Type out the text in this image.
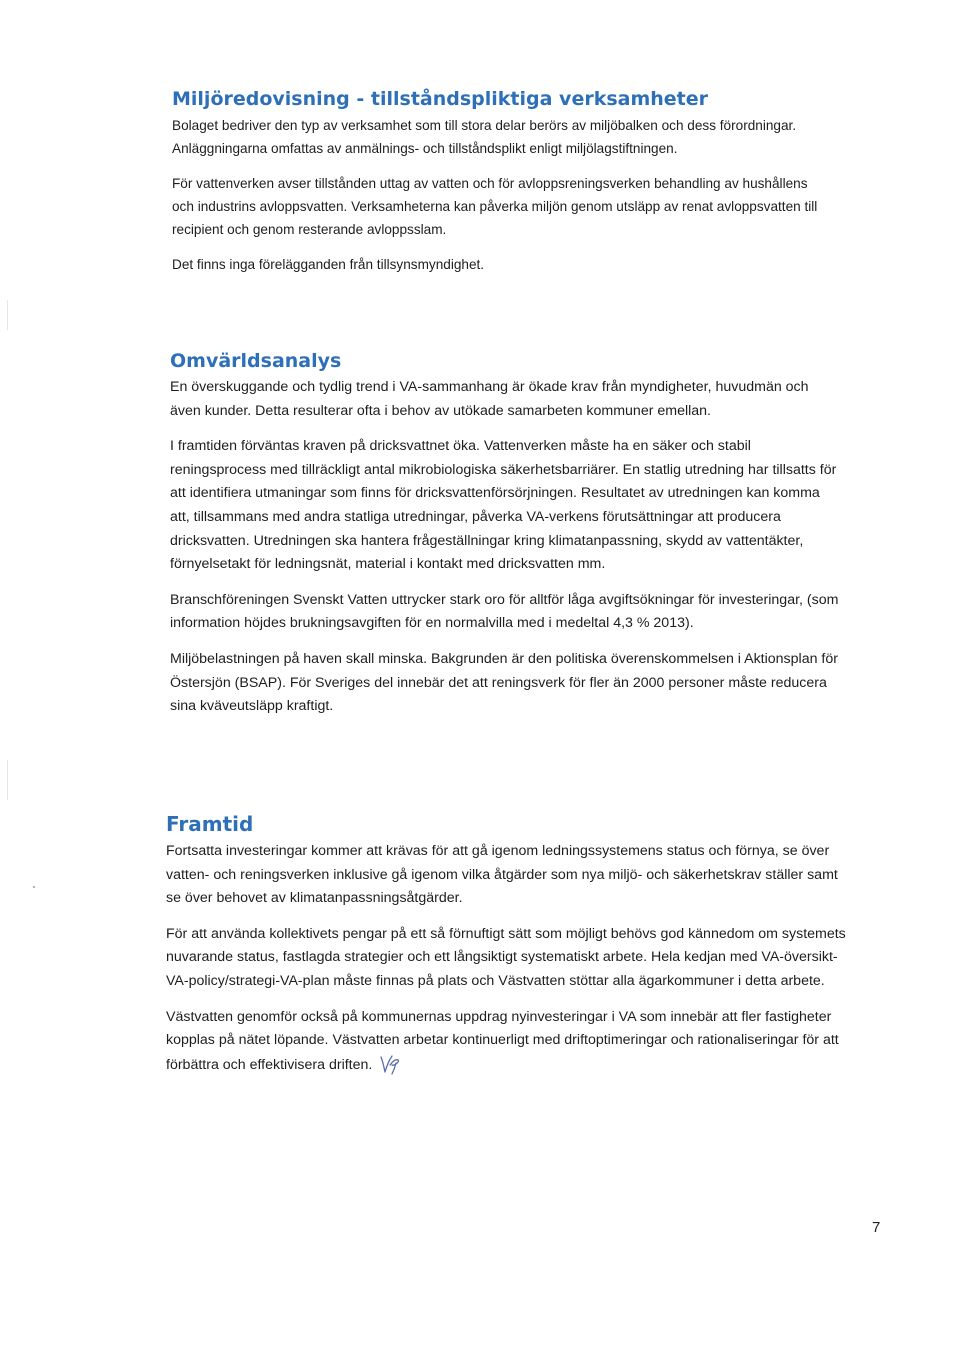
Miljöredovisning - tillståndspliktiga verksamheter

Bolaget bedriver den typ av verksamhet som till stora delar berörs av miljöbalken och dess förordningar. Anläggningarna omfattas av anmälnings- och tillståndsplikt enligt miljölagstiftningen.

För vattenverken avser tillstånden uttag av vatten och för avloppsreningsverken behandling av hushållens och industrins avloppsvatten. Verksamheterna kan påverka miljön genom utsläpp av renat avloppsvatten till recipient och genom resterande avloppsslam.

Det finns inga förelägganden från tillsynsmyndighet.

Omvärldsanalys

En överskuggande och tydlig trend i VA-sammanhang är ökade krav från myndigheter, huvudmän och även kunder. Detta resulterar ofta i behov av utökade samarbeten kommuner emellan.

I framtiden förväntas kraven på dricksvattnet öka. Vattenverken måste ha en säker och stabil reningsprocess med tillräckligt antal mikrobiologiska säkerhetsbarriärer. En statlig utredning har tillsatts för att identifiera utmaningar som finns för dricksvattenförsörjningen. Resultatet av utredningen kan komma att, tillsammans med andra statliga utredningar, påverka VA-verkens förutsättningar att producera dricksvatten. Utredningen ska hantera frågeställningar kring klimatanpassning, skydd av vattentäkter, förnyelsetakt för ledningsnät, material i kontakt med dricksvatten mm.

Branschföreningen Svenskt Vatten uttrycker stark oro för alltför låga avgiftsökningar för investeringar, (som information höjdes brukningsavgiften för en normalvilla med i medeltal 4,3 % 2013).

Miljöbelastningen på haven skall minska. Bakgrunden är den politiska överenskommelsen i Aktionsplan för Östersjön (BSAP). För Sveriges del innebär det att reningsverk för fler än 2000 personer måste reducera sina kväveutsläpp kraftigt.

Framtid

Fortsatta investeringar kommer att krävas för att gå igenom ledningssystemens status och förnya, se över vatten- och reningsverken inklusive gå igenom vilka åtgärder som nya miljö- och säkerhetskrav ställer samt se över behovet av klimatanpassningsåtgärder.

För att använda kollektivets pengar på ett så förnuftigt sätt som möjligt behövs god kännedom om systemets nuvarande status, fastlagda strategier och ett långsiktigt systematiskt arbete. Hela kedjan med VA-översikt-VA-policy/strategi-VA-plan måste finnas på plats och Västvatten stöttar alla ägarkommuner i detta arbete.

Västvatten genomför också på kommunernas uppdrag nyinvesteringar i VA som innebär att fler fastigheter kopplas på nätet löpande. Västvatten arbetar kontinuerligt med driftoptimeringar och rationaliseringar för att förbättra och effektivisera driften.

7
